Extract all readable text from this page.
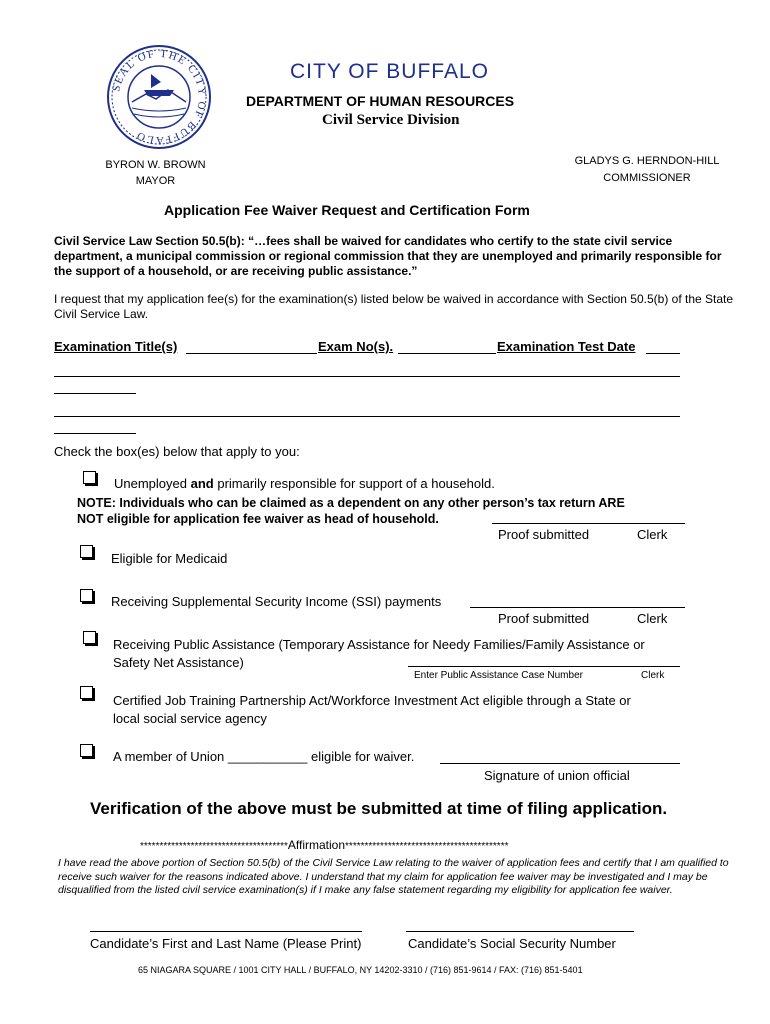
SEAL OF THE CITY OF BUFFALO
CITY OF BUFFALO
DEPARTMENT OF HUMAN RESOURCES
Civil Service Division
BYRON W. BROWN
MAYOR
GLADYS G. HERNDON-HILL
COMMISSIONER
Application Fee Waiver Request and Certification Form
Civil Service Law Section 50.5(b): “…fees shall be waived for candidates who certify to the state civil service department, a municipal commission or regional commission that they are unemployed and primarily responsible for the support of a household, or are receiving public assistance.”
I request that my application fee(s) for the examination(s) listed below be waived in accordance with Section 50.5(b) of the State Civil Service Law.
Examination Title(s)	Exam No(s).	Examination Test Date
Check the box(es) below that apply to you:
Unemployed and primarily responsible for support of a household.
NOTE: Individuals who can be claimed as a dependent on any other person’s tax return ARE
NOT eligible for application fee waiver as head of household.
Proof submitted	Clerk
Eligible for Medicaid
Receiving Supplemental Security Income (SSI) payments
Proof submitted	Clerk
Receiving Public Assistance (Temporary Assistance for Needy Families/Family Assistance or
Safety Net Assistance)
Enter Public Assistance Case Number	Clerk
Certified Job Training Partnership Act/Workforce Investment Act eligible through a State or
local social service agency
A member of Union ___________ eligible for waiver.
Signature of union official
Verification of the above must be submitted at time of filing application.
**************************************Affirmation******************************************
I have read the above portion of Section 50.5(b) of the Civil Service Law relating to the waiver of application fees and certify that I am qualified to receive such waiver for the reasons indicated above. I understand that my claim for application fee waiver may be investigated and I may be disqualified from the listed civil service examination(s) if I make any false statement regarding my eligibility for application fee waiver.
Candidate’s First and Last Name (Please Print)	Candidate’s Social Security Number
65 NIAGARA SQUARE / 1001 CITY HALL / BUFFALO, NY 14202-3310 / (716) 851-9614 / FAX: (716) 851-5401
